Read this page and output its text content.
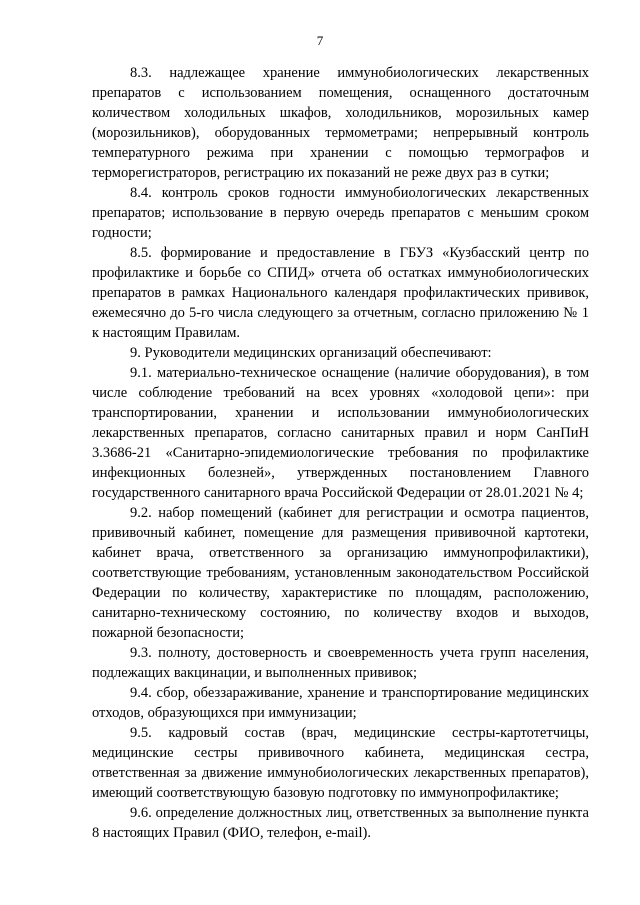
7

8.3. надлежащее хранение иммунобиологических лекарственных препаратов с использованием помещения, оснащенного достаточным количеством холодильных шкафов, холодильников, морозильных камер (морозильников), оборудованных термометрами; непрерывный контроль температурного режима при хранении с помощью термографов и терморегистраторов, регистрацию их показаний не реже двух раз в сутки;

8.4. контроль сроков годности иммунобиологических лекарственных препаратов; использование в первую очередь препаратов с меньшим сроком годности;

8.5. формирование и предоставление в ГБУЗ «Кузбасский центр по профилактике и борьбе со СПИД» отчета об остатках иммунобиологических препаратов в рамках Национального календаря профилактических прививок, ежемесячно до 5-го числа следующего за отчетным, согласно приложению № 1 к настоящим Правилам.

9. Руководители медицинских организаций обеспечивают:

9.1. материально-техническое оснащение (наличие оборудования), в том числе соблюдение требований на всех уровнях «холодовой цепи»: при транспортировании, хранении и использовании иммунобиологических лекарственных препаратов, согласно санитарных правил и норм СанПиН 3.3686-21 «Санитарно-эпидемиологические требования по профилактике инфекционных болезней», утвержденных постановлением Главного государственного санитарного врача Российской Федерации от 28.01.2021 № 4;

9.2. набор помещений (кабинет для регистрации и осмотра пациентов, прививочный кабинет, помещение для размещения прививочной картотеки, кабинет врача, ответственного за организацию иммунопрофилактики), соответствующие требованиям, установленным законодательством Российской Федерации по количеству, характеристике по площадям, расположению, санитарно-техническому состоянию, по количеству входов и выходов, пожарной безопасности;

9.3. полноту, достоверность и своевременность учета групп населения, подлежащих вакцинации, и выполненных прививок;

9.4. сбор, обеззараживание, хранение и транспортирование медицинских отходов, образующихся при иммунизации;

9.5. кадровый состав (врач, медицинские сестры-картотетчицы, медицинские сестры прививочного кабинета, медицинская сестра, ответственная за движение иммунобиологических лекарственных препаратов), имеющий соответствующую базовую подготовку по иммунопрофилактике;

9.6. определение должностных лиц, ответственных за выполнение пункта 8 настоящих Правил (ФИО, телефон, e-mail).
